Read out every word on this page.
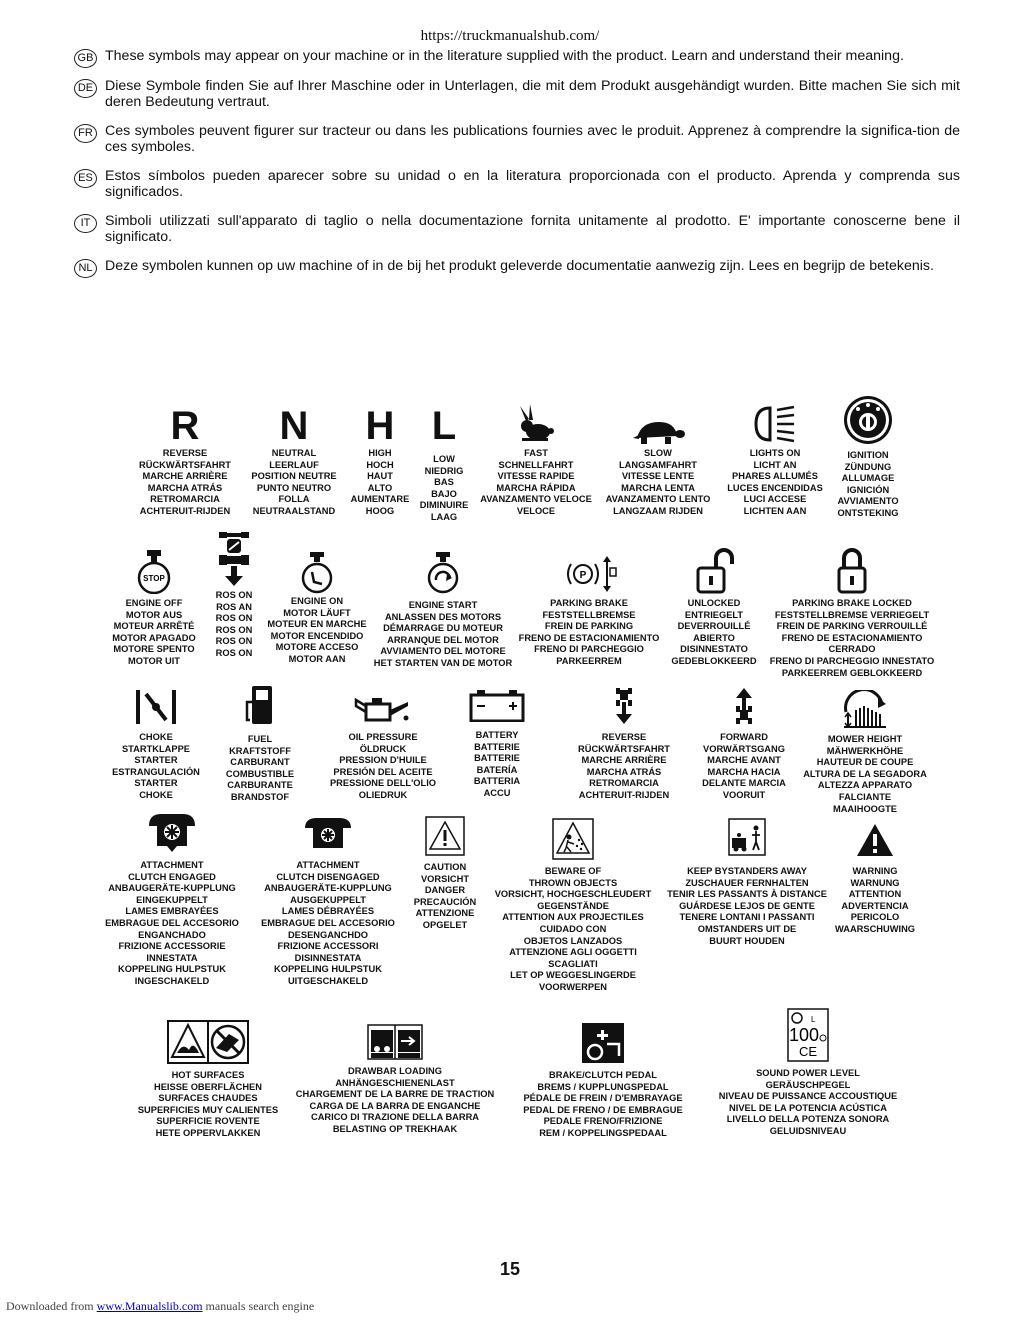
https://truckmanualshub.com/
GB These symbols may appear on your machine or in the literature supplied with the product. Learn and understand their meaning.
DE Diese Symbole finden Sie auf Ihrer Maschine oder in Unterlagen, die mit dem Produkt ausgehändigt wurden. Bitte machen Sie sich mit deren Bedeutung vertraut.
FR Ces symboles peuvent figurer sur tracteur ou dans les publications fournies avec le produit. Apprenez à comprendre la significa-tion de ces symboles.
ES Estos símbolos pueden aparecer sobre su unidad o en la literatura proporcionada con el producto. Aprenda y comprenda sus significados.
IT	Simboli utilizzati sull'apparato di taglio o nella documentazione fornita unitamente al prodotto. E' importante conoscerne bene il significato.
NL Deze symbolen kunnen op uw machine of in de bij het produkt geleverde documentatie aanwezig zijn. Lees en begrijp de betekenis.
R
REVERSE
RÜCKWÄRTSFAHRT
MARCHE ARRIÈRE
MARCHA ATRÁS
RETROMARCIA
ACHTERUIT-RIJDEN
N
NEUTRAL
LEERLAUF
POSITION NEUTRE
PUNTO NEUTRO
FOLLA
NEUTRAALSTAND
H
HIGH
HOCH
HAUT
ALTO
AUMENTARE
HOOG
L
LOW
NIEDRIG
BAS
BAJO
DIMINUIRE
LAAG
FAST
SCHNELLFAHRT
VITESSE RAPIDE
MARCHA RÁPIDA
AVANZAMENTO VELOCE
VELOCE
SLOW
LANGSAMFAHRT
VITESSE LENTE
MARCHA LENTA
AVANZAMENTO LENTO
LANGZAAM RIJDEN
LIGHTS ON
LICHT AN
PHARES ALLUMÉS
LUCES ENCENDIDAS
LUCI ACCESE
LICHTEN AAN
IGNITION
ZÜNDUNG
ALLUMAGE
IGNICIÓN
AVVIAMENTO
ONTSTEKING
STOP
ENGINE OFF
MOTOR AUS
MOTEUR ARRÊTÉ
MOTOR APAGADO
MOTORE SPENTO
MOTOR UIT
ROS ON
ROS AN
ROS ON
ROS ON
ROS ON
ROS ON
ENGINE ON
MOTOR LÄUFT
MOTEUR EN MARCHE
MOTOR ENCENDIDO
MOTORE ACCESO
MOTOR AAN
ENGINE START
ANLASSEN DES MOTORS
DÉMARRAGE DU MOTEUR
ARRANQUE DEL MOTOR
AVVIAMENTO DEL MOTORE
HET STARTEN VAN DE MOTOR
P
PARKING BRAKE
FESTSTELLBREMSE
FREIN DE PARKING
FRENO DE ESTACIONAMIENTO
FRENO DI PARCHEGGIO
PARKEERREM
UNLOCKED
ENTRIEGELT
DEVERROUILLÉ
ABIERTO
DISINNESTATO
GEDEBLOKKEERD
PARKING BRAKE LOCKED
FESTSTELLBREMSE VERRIEGELT
FREIN DE PARKING VERROUILLÉ
FRENO DE ESTACIONAMIENTO
CERRADO
FRENO DI PARCHEGGIO INNESTATO
PARKEERREM GEBLOKKEERD
CHOKE
STARTKLAPPE
STARTER
ESTRANGULACIÓN
STARTER
CHOKE
FUEL
KRAFTSTOFF
CARBURANT
COMBUSTIBLE
CARBURANTE
BRANDSTOF
OIL PRESSURE
ÖLDRUCK
PRESSION D'HUILE
PRESIÓN DEL ACEITE
PRESSIONE DELL'OLIO
OLIEDRUK
BATTERY
BATTERIE
BATTERIE
BATERÍA
BATTERIA
ACCU
REVERSE
RÜCKWÄRTSFAHRT
MARCHE ARRIÈRE
MARCHA ATRÁS
RETROMARCIA
ACHTERUIT-RIJDEN
FORWARD
VORWÄRTSGANG
MARCHE AVANT
MARCHA HACIA
DELANTE MARCIA
VOORUIT
MOWER HEIGHT
MÄHWERKHÖHE
HAUTEUR DE COUPE
ALTURA DE LA SEGADORA
ALTEZZA APPARATO
FALCIANTE
MAAIHOOGTE
ATTACHMENT
CLUTCH ENGAGED
ANBAUGERÄTE-KUPPLUNG
EINGEKUPPELT
LAMES EMBRAYÉES
EMBRAGUE DEL ACCESORIO
ENGANCHADO
FRIZIONE ACCESSORIE
INNESTATA
KOPPELING HULPSTUK
INGESCHAKELD
ATTACHMENT
CLUTCH DISENGAGED
ANBAUGERÄTE-KUPPLUNG
AUSGEKUPPELT
LAMES DÉBRAYÉES
EMBRAGUE DEL ACCESORIO
DESENGANCHDO
FRIZIONE ACCESSORI
DISINNESTATA
KOPPELING HULPSTUK
UITGESCHAKELD
CAUTION
VORSICHT
DANGER
PRECAUCIÓN
ATTENZIONE
OPGELET
BEWARE OF
THROWN OBJECTS
VORSICHT, HOCHGESCHLEUDERT
GEGENSTÄNDE
ATTENTION AUX PROJECTILES
CUIDADO CON
OBJETOS LANZADOS
ATTENZIONE AGLI OGGETTI
SCAGLIATI
LET OP WEGGESLINGERDE
VOORWERPEN
KEEP BYSTANDERS AWAY
ZUSCHAUER FERNHALTEN
TENIR LES PASSANTS À DISTANCE
GUÁRDESE LEJOS DE GENTE
TENERE LONTANI I PASSANTI
OMSTANDERS UIT DE
BUURT HOUDEN
WARNING
WARNUNG
ATTENTION
ADVERTENCIA
PERICOLO
WAARSCHUWING
HOT SURFACES
HEISSE OBERFLÄCHEN
SURFACES CHAUDES
SUPERFICIES MUY CALIENTES
SUPERFICIE ROVENTE
HETE OPPERVLAKKEN
DRAWBAR LOADING
ANHÄNGESCHIENENLAST
CHARGEMENT DE LA BARRE DE TRACTION
CARGA DE LA BARRA DE ENGANCHE
CARICO DI TRAZIONE DELLA BARRA
BELASTING OP TREKHAAK
BRAKE/CLUTCH PEDAL
BREMS / KUPPLUNGSPEDAL
PÉDALE DE FREIN / D'EMBRAYAGE
PEDAL DE FRENO / DE EMBRAGUE
PEDALE FRENO/FRIZIONE
REM / KOPPELINGSPEDAAL
L
100
CE
SOUND POWER LEVEL
GERÄUSCHPEGEL
NIVEAU DE PUISSANCE ACCOUSTIQUE
NIVEL DE LA POTENCIA ACÚSTICA
LIVELLO DELLA POTENZA SONORA
GELUIDSNIVEAU
15
Downloaded from www.Manualslib.com manuals search engine
